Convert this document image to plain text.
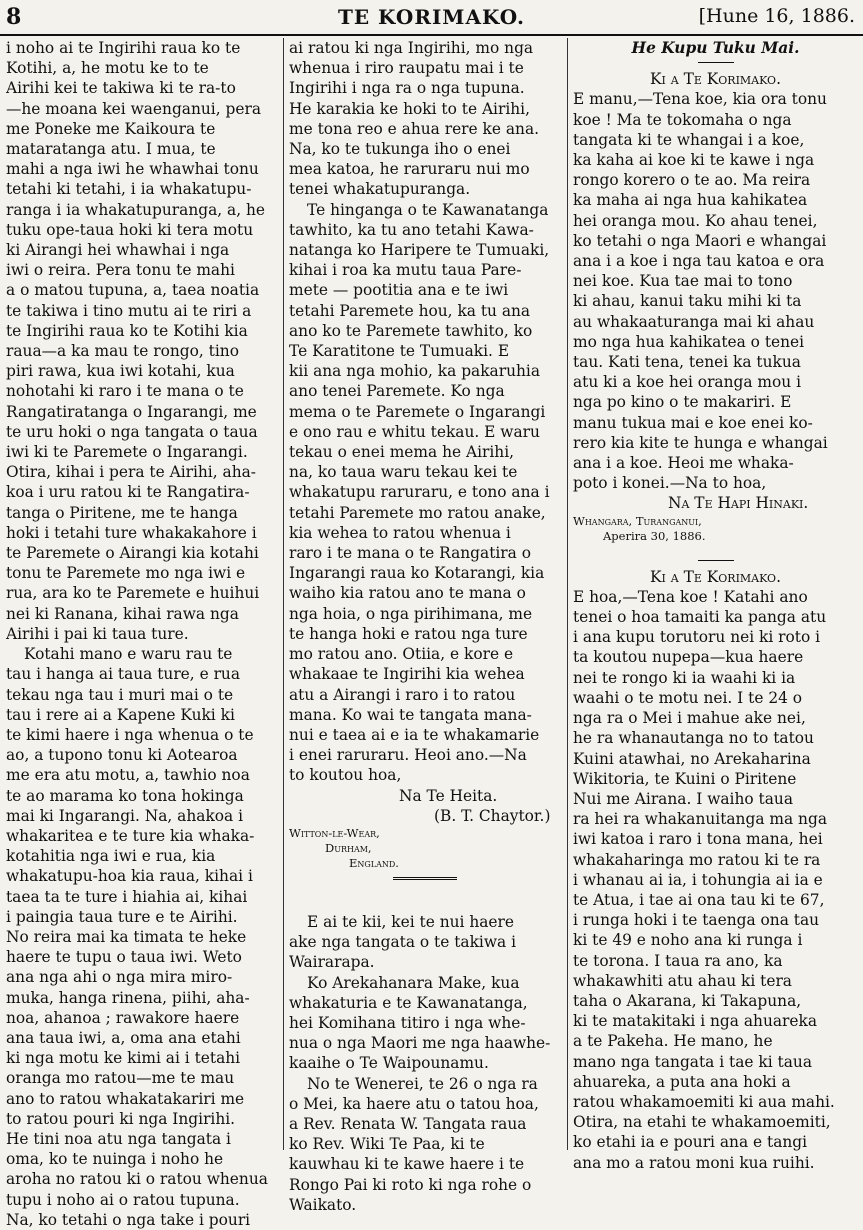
8	TE KORIMAKO.	[Hune 16, 1886.
i noho ai te Ingirihi raua ko te
Kotihi, a, he motu ke to te
Airihi kei te takiwa ki te ra-to
—he moana kei waenganui, pera
me Poneke me Kaikoura te
mataratanga atu. I mua, te
mahi a nga iwi he whawhai tonu
tetahi ki tetahi, i ia whakatupu-
ranga i ia whakatupuranga, a, he
tuku ope-taua hoki ki tera motu
ki Airangi hei whawhai i nga
iwi o reira. Pera tonu te mahi
a o matou tupuna, a, taea noatia
te takiwa i tino mutu ai te riri a
te Ingirihi raua ko te Kotihi kia
raua—a ka mau te rongo, tino
piri rawa, kua iwi kotahi, kua
nohotahi ki raro i te mana o te
Rangatiratanga o Ingarangi, me
te uru hoki o nga tangata o taua
iwi ki te Paremete o Ingarangi.
Otira, kihai i pera te Airihi, aha-
koa i uru ratou ki te Rangatira-
tanga o Piritene, me te hanga
hoki i tetahi ture whakakahore i
te Paremete o Airangi kia kotahi
tonu te Paremete mo nga iwi e
rua, ara ko te Paremete e huihui
nei ki Ranana, kihai rawa nga
Airihi i pai ki taua ture.
Kotahi mano e waru rau te
tau i hanga ai taua ture, e rua
tekau nga tau i muri mai o te
tau i rere ai a Kapene Kuki ki
te kimi haere i nga whenua o te
ao, a tupono tonu ki Aotearoa
me era atu motu, a, tawhio noa
te ao marama ko tona hokinga
mai ki Ingarangi. Na, ahakoa i
whakaritea e te ture kia whaka-
kotahitia nga iwi e rua, kia
whakatupu-hoa kia raua, kihai i
taea ta te ture i hiahia ai, kihai
i paingia taua ture e te Airihi.
No reira mai ka timata te heke
haere te tupu o taua iwi. Weto
ana nga ahi o nga mira miro-
muka, hanga rinena, piihi, aha-
noa, ahanoa ; rawakore haere
ana taua iwi, a, oma ana etahi
ki nga motu ke kimi ai i tetahi
oranga mo ratou—me te mau
ano to ratou whakatakariri me
to ratou pouri ki nga Ingirihi.
He tini noa atu nga tangata i
oma, ko te nuinga i noho he
aroha no ratou ki o ratou whenua
tupu i noho ai o ratou tupuna.
Na, ko tetahi o nga take i pouri
ai ratou ki nga Ingirihi, mo nga
whenua i riro raupatu mai i te
Ingirihi i nga ra o nga tupuna.
He karakia ke hoki to te Airihi,
me tona reo e ahua rere ke ana.
Na, ko te tukunga iho o enei
mea katoa, he raruraru nui mo
tenei whakatupuranga.
Te hinganga o te Kawanatanga
tawhito, ka tu ano tetahi Kawa-
natanga ko Haripere te Tumuaki,
kihai i roa ka mutu taua Pare-
mete — pootitia ana e te iwi
tetahi Paremete hou, ka tu ana
ano ko te Paremete tawhito, ko
Te Karatitone te Tumuaki. E
kii ana nga mohio, ka pakaruhia
ano tenei Paremete. Ko nga
mema o te Paremete o Ingarangi
e ono rau e whitu tekau. E waru
tekau o enei mema he Airihi,
na, ko taua waru tekau kei te
whakatupu raruraru, e tono ana i
tetahi Paremete mo ratou anake,
kia wehea to ratou whenua i
raro i te mana o te Rangatira o
Ingarangi raua ko Kotarangi, kia
waiho kia ratou ano te mana o
nga hoia, o nga pirihimana, me
te hanga hoki e ratou nga ture
mo ratou ano. Otiia, e kore e
whakaae te Ingirihi kia wehea
atu a Airangi i raro i to ratou
mana. Ko wai te tangata mana-
nui e taea ai e ia te whakamarie
i enei raruraru. Heoi ano.—Na
to koutou hoa,
Na Te Heita.
(B. T. Chaytor.)
Witton-le-Wear,
Durham,
England.
E ai te kii, kei te nui haere
ake nga tangata o te takiwa i
Wairarapa.
Ko Arekahanara Make, kua
whakaturia e te Kawanatanga,
hei Komihana titiro i nga whe-
nua o nga Maori me nga haawhe-
kaaihe o Te Waipounamu.
No te Wenerei, te 26 o nga ra
o Mei, ka haere atu o tatou hoa,
a Rev. Renata W. Tangata raua
ko Rev. Wiki Te Paa, ki te
kauwhau ki te kawe haere i te
Rongo Pai ki roto ki nga rohe o
Waikato.
He Kupu Tuku Mai.
Ki a Te Korimako.
E manu,—Tena koe, kia ora tonu
koe ! Ma te tokomaha o nga
tangata ki te whangai i a koe,
ka kaha ai koe ki te kawe i nga
rongo korero o te ao. Ma reira
ka maha ai nga hua kahikatea
hei oranga mou. Ko ahau tenei,
ko tetahi o nga Maori e whangai
ana i a koe i nga tau katoa e ora
nei koe. Kua tae mai to tono
ki ahau, kanui taku mihi ki ta
au whakaaturanga mai ki ahau
mo nga hua kahikatea o tenei
tau. Kati tena, tenei ka tukua
atu ki a koe hei oranga mou i
nga po kino o te makariri. E
manu tukua mai e koe enei ko-
rero kia kite te hunga e whangai
ana i a koe. Heoi me whaka-
poto i konei.—Na to hoa,
Na Te Hapi Hinaki.
Whangara, Turanganui,
Aperira 30, 1886.
Ki a Te Korimako.
E hoa,—Tena koe ! Katahi ano
tenei o hoa tamaiti ka panga atu
i ana kupu torutoru nei ki roto i
ta koutou nupepa—kua haere
nei te rongo ki ia waahi ki ia
waahi o te motu nei. I te 24 o
nga ra o Mei i mahue ake nei,
he ra whanautanga no to tatou
Kuini atawhai, no Arekaharina
Wikitoria, te Kuini o Piritene
Nui me Airana. I waiho taua
ra hei ra whakanuitanga ma nga
iwi katoa i raro i tona mana, hei
whakaharinga mo ratou ki te ra
i whanau ai ia, i tohungia ai ia e
te Atua, i tae ai ona tau ki te 67,
i runga hoki i te taenga ona tau
ki te 49 e noho ana ki runga i
te torona. I taua ra ano, ka
whakawhiti atu ahau ki tera
taha o Akarana, ki Takapuna,
ki te matakitaki i nga ahuareka
a te Pakeha. He mano, he
mano nga tangata i tae ki taua
ahuareka, a puta ana hoki a
ratou whakamoemiti ki aua mahi.
Otira, na etahi te whakamoemiti,
ko etahi ia e pouri ana e tangi
ana mo a ratou moni kua ruihi.
